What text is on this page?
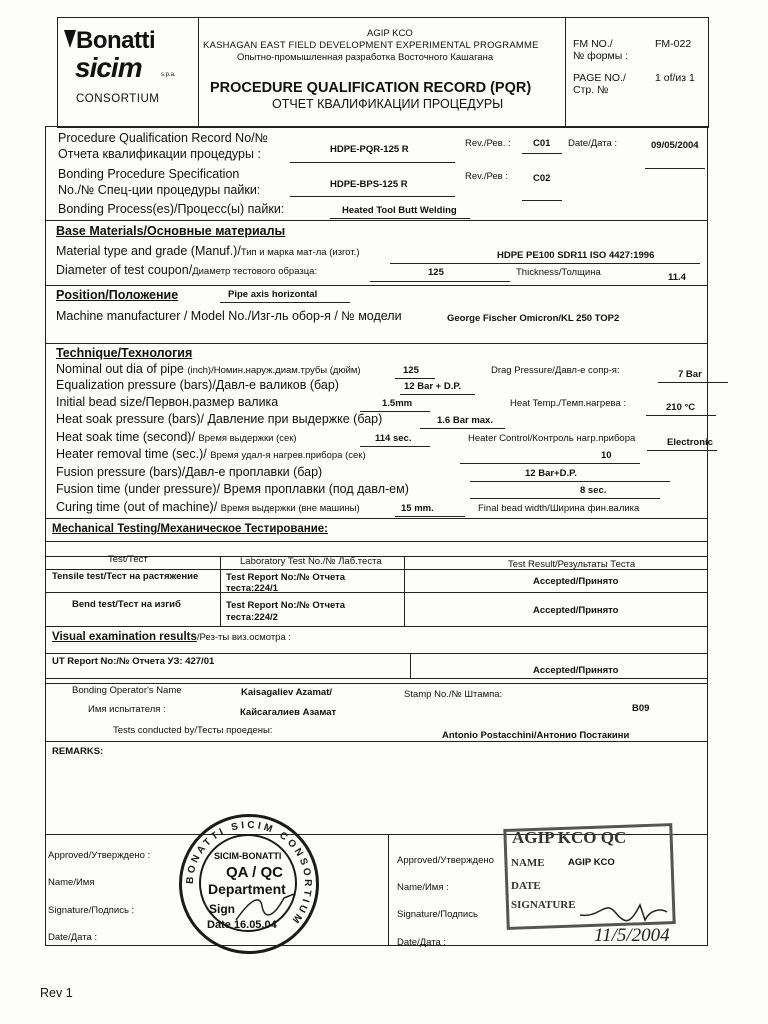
Bonatti
sicim	s.p.a.
CONSORTIUM
AGIP KCO
KASHAGAN EAST FIELD DEVELOPMENT EXPERIMENTAL PROGRAMME
Опытно-промышленная разработка Восточного Кашагана
PROCEDURE QUALIFICATION RECORD (PQR)
ОТЧЕТ КВАЛИФИКАЦИИ ПРОЦЕДУРЫ
FM NO./
№ формы :
FM-022
PAGE NO./
Стр. №
1 of/из 1
Procedure Qualification Record No/№
Отчета квалификации процедуры :	HDPE-PQR-125 R
Rev./Рев. : C01 Date/Дата :	09/05/2004
Bonding Procedure Specification
No./№ Спец-ции процедуры пайки:	HDPE-BPS-125 R
Rev./Рев :	C02
Bonding Process(es)/Процесс(ы) пайки:	Heated Tool Butt Welding
Base Materials/Основные материалы
Material type and grade (Manuf.)/Тип и марка мат-ла (изгот.)	HDPE PE100 SDR11 ISO 4427:1996
Diameter of test coupon/Диаметр тестового образца:	125	Thickness/Толщина	11.4
Position/Положение	Pipe axis horizontal
Machine manufacturer / Model No./Изг-ль обор-я / № модели	George Fischer Omicron/KL 250 TOP2
Technique/Технология
Nominal out dia of pipe (inch)/Номин.наруж.диам.трубы (дюйм)	125	Drag Pressure/Давл-е сопр-я:	7 Bar
Equalization pressure (bars)/Давл-е валиков (бар)	12 Bar + D.P.
Initial bead size/Первон.размер валика	1.5mm	Heat Temp./Темп.нагрева :	210 °C
Heat soak pressure (bars)/ Давление при выдержке (бар)	1.6 Bar max.
Heat soak time (second)/ Время выдержки (сек)	114 sec.	Heater Control/Контроль нагр.прибора	Electronic
Heater removal time (sec.)/ Время удал-я нагрев.прибора (сек)	10
Fusion pressure (bars)/Давл-е проплавки (бар)	12 Bar+D.P.
Fusion time (under pressure)/ Время проплавки (под давл-ем)	8 sec.
Curing time (out of machine)/ Время выдержки (вне машины)	15 mm.	Final bead width/Ширина фин.валика
Mechanical Testing/Механическое Тестирование:
Test/Тест	Laboratory Test No./№ Лаб.теста	Test Result/Результаты Теста
Tensile test/Тест на растяжение	Test Report No:/№ Отчета
теста:224/1
Accepted/Принято
Bend test/Тест на изгиб	Test Report No:/№ Отчета
теста:224/2
Accepted/Принято
Visual examination results/Рез-ты виз.осмотра :
UT Report No:/№ Отчета УЗ: 427/01
Accepted/Принято
Bonding Operator's Name
Имя испытателя :
Kaisagaliev Azamat/
Кайсагалиев Азамат
Stamp No./№ Штампа:
B09
Tests conducted by/Тесты проедены:	Antonio Postacchini/Антонио Постакини
REMARKS:
Approved/Утверждено :
Name/Имя
Signature/Подпись :
Date/Дата :
Approved/Утверждено
Name/Имя :
Signature/Подпись
Date/Дата :
BONATTI SICIM CONSORTIUM
SICIM-BONATTI
QA / QC
Department
Sign
Date 16.05.04
AGIP KCO QC
NAME AGIP KCO
DATE
SIGNATURE
11/5/2004
Rev 1
